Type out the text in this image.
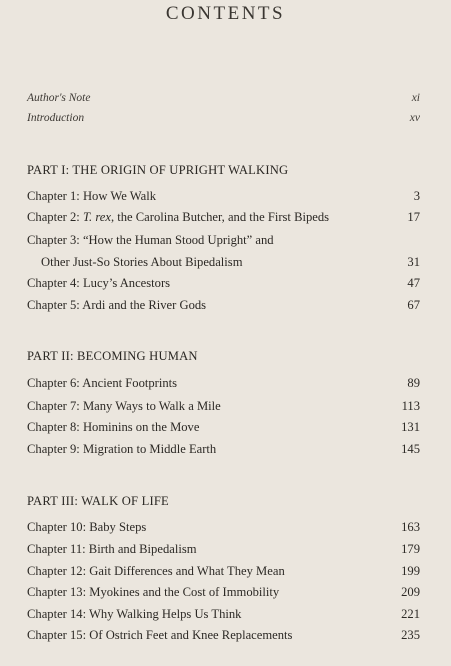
CONTENTS
Author's Note	xi
Introduction	xv
PART I: THE ORIGIN OF UPRIGHT WALKING
Chapter 1: How We Walk	3
Chapter 2: T. rex, the Carolina Butcher, and the First Bipeds	17
Chapter 3: “How the Human Stood Upright” and
Other Just-So Stories About Bipedalism	31
Chapter 4: Lucy’s Ancestors	47
Chapter 5: Ardi and the River Gods	67
PART II: BECOMING HUMAN
Chapter 6: Ancient Footprints	89
Chapter 7: Many Ways to Walk a Mile	113
Chapter 8: Hominins on the Move	131
Chapter 9: Migration to Middle Earth	145
PART III: WALK OF LIFE
Chapter 10: Baby Steps	163
Chapter 11: Birth and Bipedalism	179
Chapter 12: Gait Differences and What They Mean	199
Chapter 13: Myokines and the Cost of Immobility	209
Chapter 14: Why Walking Helps Us Think	221
Chapter 15: Of Ostrich Feet and Knee Replacements	235
